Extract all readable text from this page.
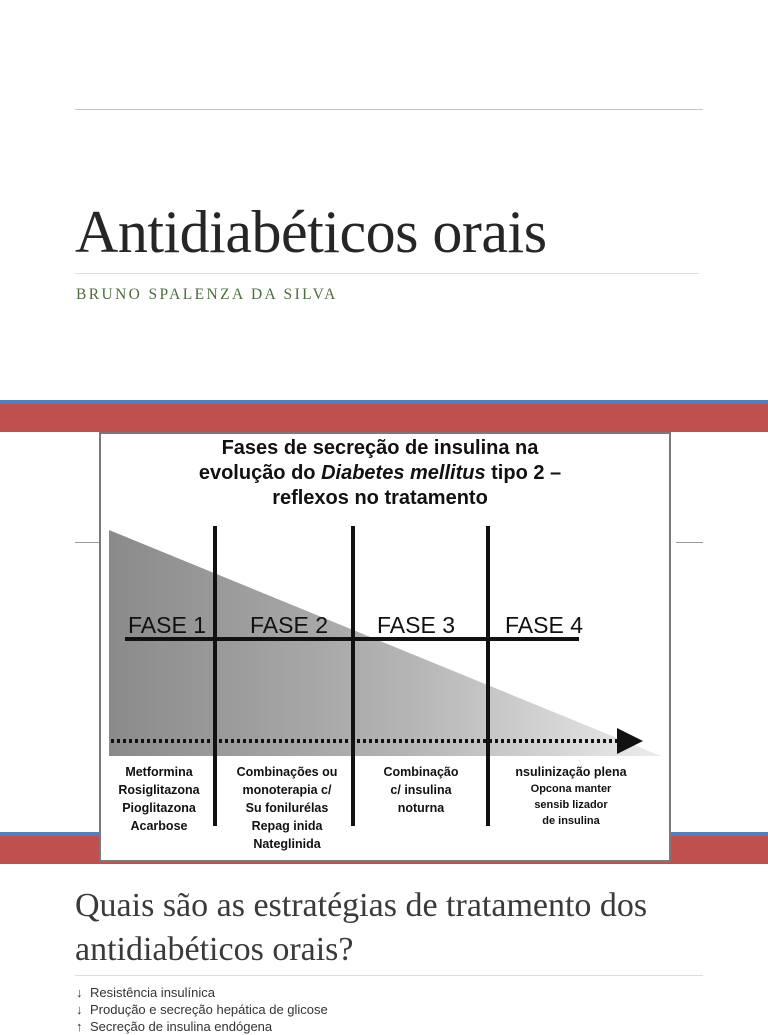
Antidiabéticos orais
BRUNO SPALENZA DA SILVA
Fases de secreção de insulina na
evolução do Diabetes mellitus tipo 2 –
reflexos no tratamento
FASE 1 FASE 2 FASE 3 FASE 4
Metformina
Rosiglitazona
Pioglitazona
Acarbose
Combinações ou
monoterapia c/
Su fonilurélas
Repag inida
Nateglinida
Combinação
c/ insulina
noturna
nsulinização plena
Opcona manter
sensib lizador
de insulina
Quais são as estratégias de tratamento dos antidiabéticos orais?
↓ Resistência insulínica
↓ Produção e secreção hepática de glicose
↑ Secreção de insulina endógena
